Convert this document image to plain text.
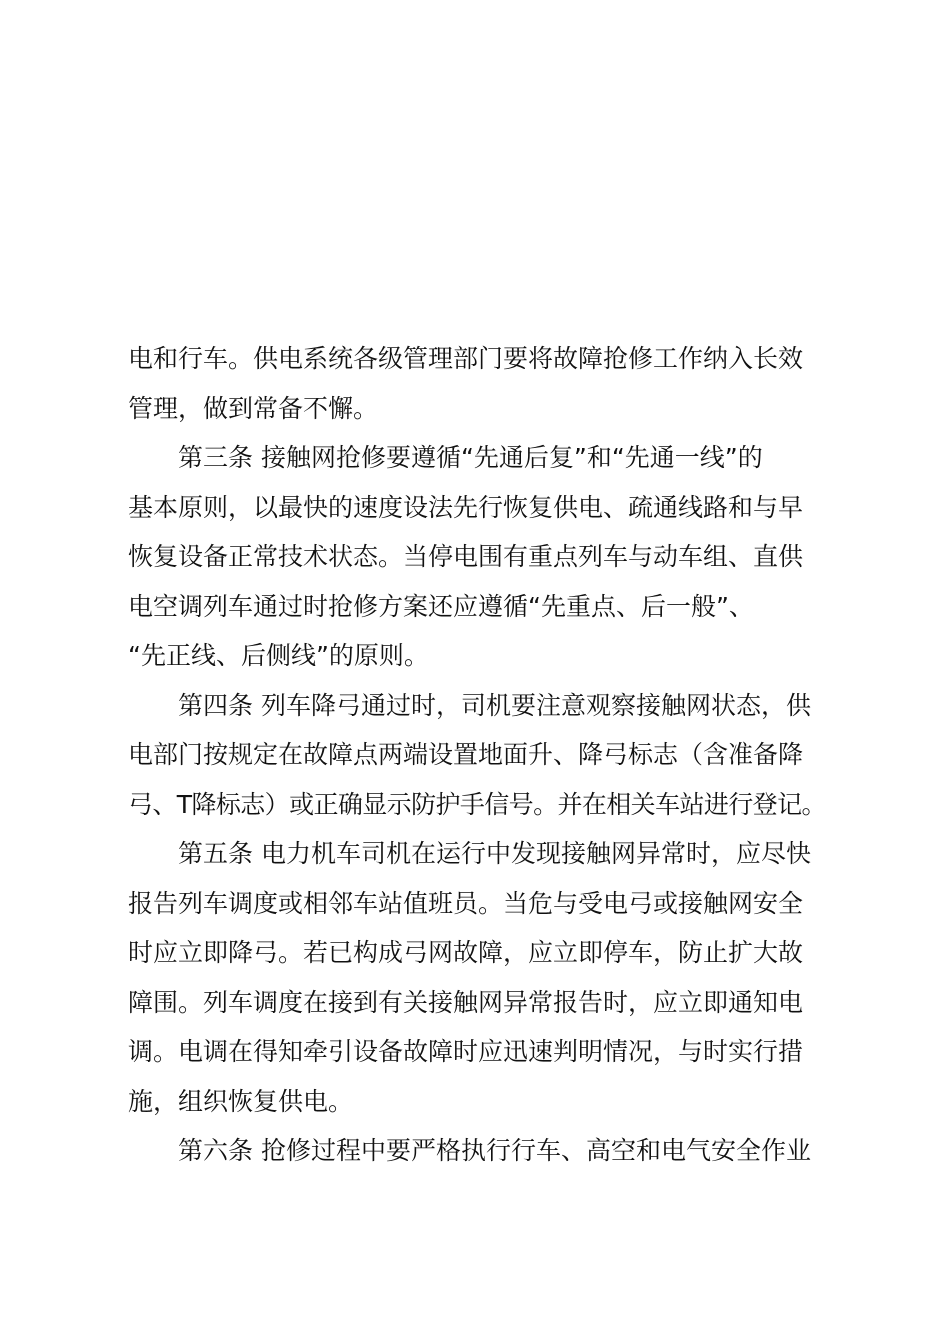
电和行车。供电系统各级管理部门要将故障抢修工作纳入长效
管理，做到常备不懈。
第三条 接触网抢修要遵循“先通后复”和“先通一线”的
基本原则，以最快的速度设法先行恢复供电、疏通线路和与早
恢复设备正常技术状态。当停电围有重点列车与动车组、直供
电空调列车通过时抢修方案还应遵循“先重点、后一般”、
“先正线、后侧线”的原则。
第四条 列车降弓通过时，司机要注意观察接触网状态，供
电部门按规定在故障点两端设置地面升、降弓标志（含准备降
弓、T降标志）或正确显示防护手信号。并在相关车站进行登记。
第五条 电力机车司机在运行中发现接触网异常时，应尽快
报告列车调度或相邻车站值班员。当危与受电弓或接触网安全
时应立即降弓。若已构成弓网故障，应立即停车，防止扩大故
障围。列车调度在接到有关接触网异常报告时，应立即通知电
调。电调在得知牵引设备故障时应迅速判明情况，与时实行措
施，组织恢复供电。
第六条 抢修过程中要严格执行行车、高空和电气安全作业
